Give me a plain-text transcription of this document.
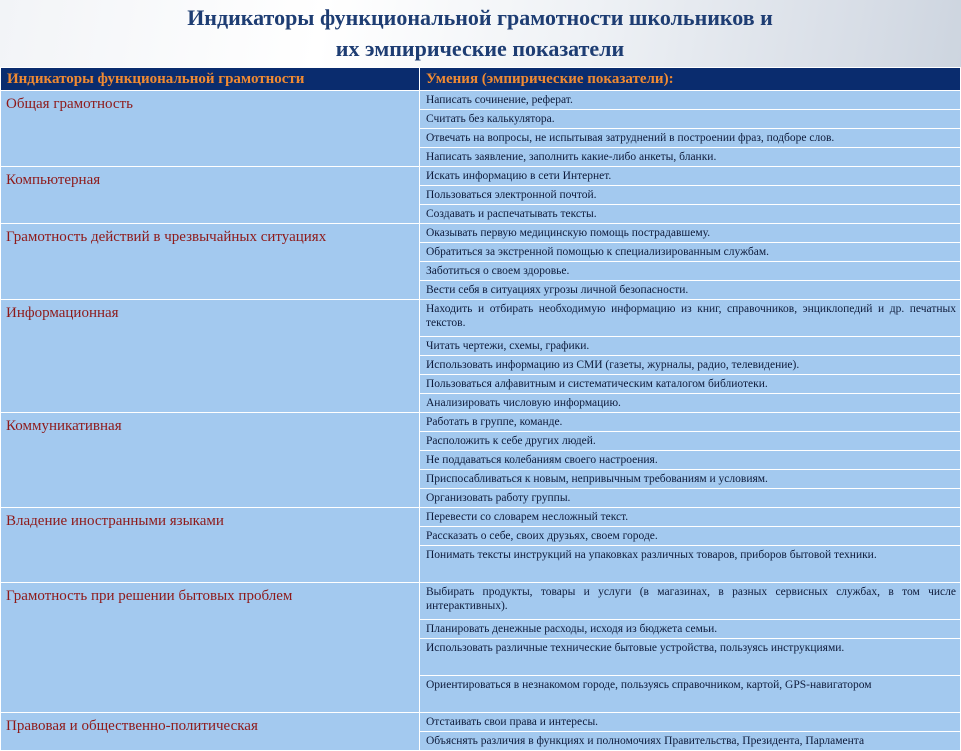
Индикаторы функциональной грамотности школьников и
их эмпирические показатели
Индикаторы функциональной грамотности	Умения (эмпирические показатели):
Общая грамотность	Написать сочинение, реферат.
	Считать без калькулятора.
	Отвечать на вопросы, не испытывая затруднений в построении фраз, подборе слов.
	Написать заявление, заполнить какие-либо анкеты, бланки.
Компьютерная	Искать информацию в сети Интернет.
	Пользоваться электронной почтой.
	Создавать и распечатывать тексты.
Грамотность действий в чрезвычайных ситуациях	Оказывать первую медицинскую помощь пострадавшему.
	Обратиться за экстренной помощью к специализированным службам.
	Заботиться о своем здоровье.
	Вести себя в ситуациях угрозы личной безопасности.
Информационная	Находить и отбирать необходимую информацию из книг, справочников, энциклопедий и др. печатных текстов.
	Читать чертежи, схемы, графики.
	Использовать информацию из СМИ (газеты, журналы, радио, телевидение).
	Пользоваться алфавитным и систематическим каталогом библиотеки.
	Анализировать числовую информацию.
Коммуникативная	Работать в группе, команде.
	Расположить к себе других людей.
	Не поддаваться колебаниям своего настроения.
	Приспосабливаться к новым, непривычным требованиям и условиям.
	Организовать работу группы.
Владение иностранными языками	Перевести со словарем несложный текст.
	Рассказать о себе, своих друзьях, своем городе.
	Понимать тексты инструкций на упаковках различных товаров, приборов бытовой техники.
Грамотность при решении бытовых проблем	Выбирать продукты, товары и услуги (в магазинах, в разных сервисных службах, в том числе интерактивных).
	Планировать денежные расходы, исходя из бюджета семьи.
	Использовать различные технические бытовые устройства, пользуясь инструкциями.
	Ориентироваться в незнакомом городе, пользуясь справочником, картой, GPS-навигатором
Правовая и общественно-политическая	Отстаивать свои права и интересы.
	Объяснять различия в функциях и полномочиях Правительства, Президента, Парламента
